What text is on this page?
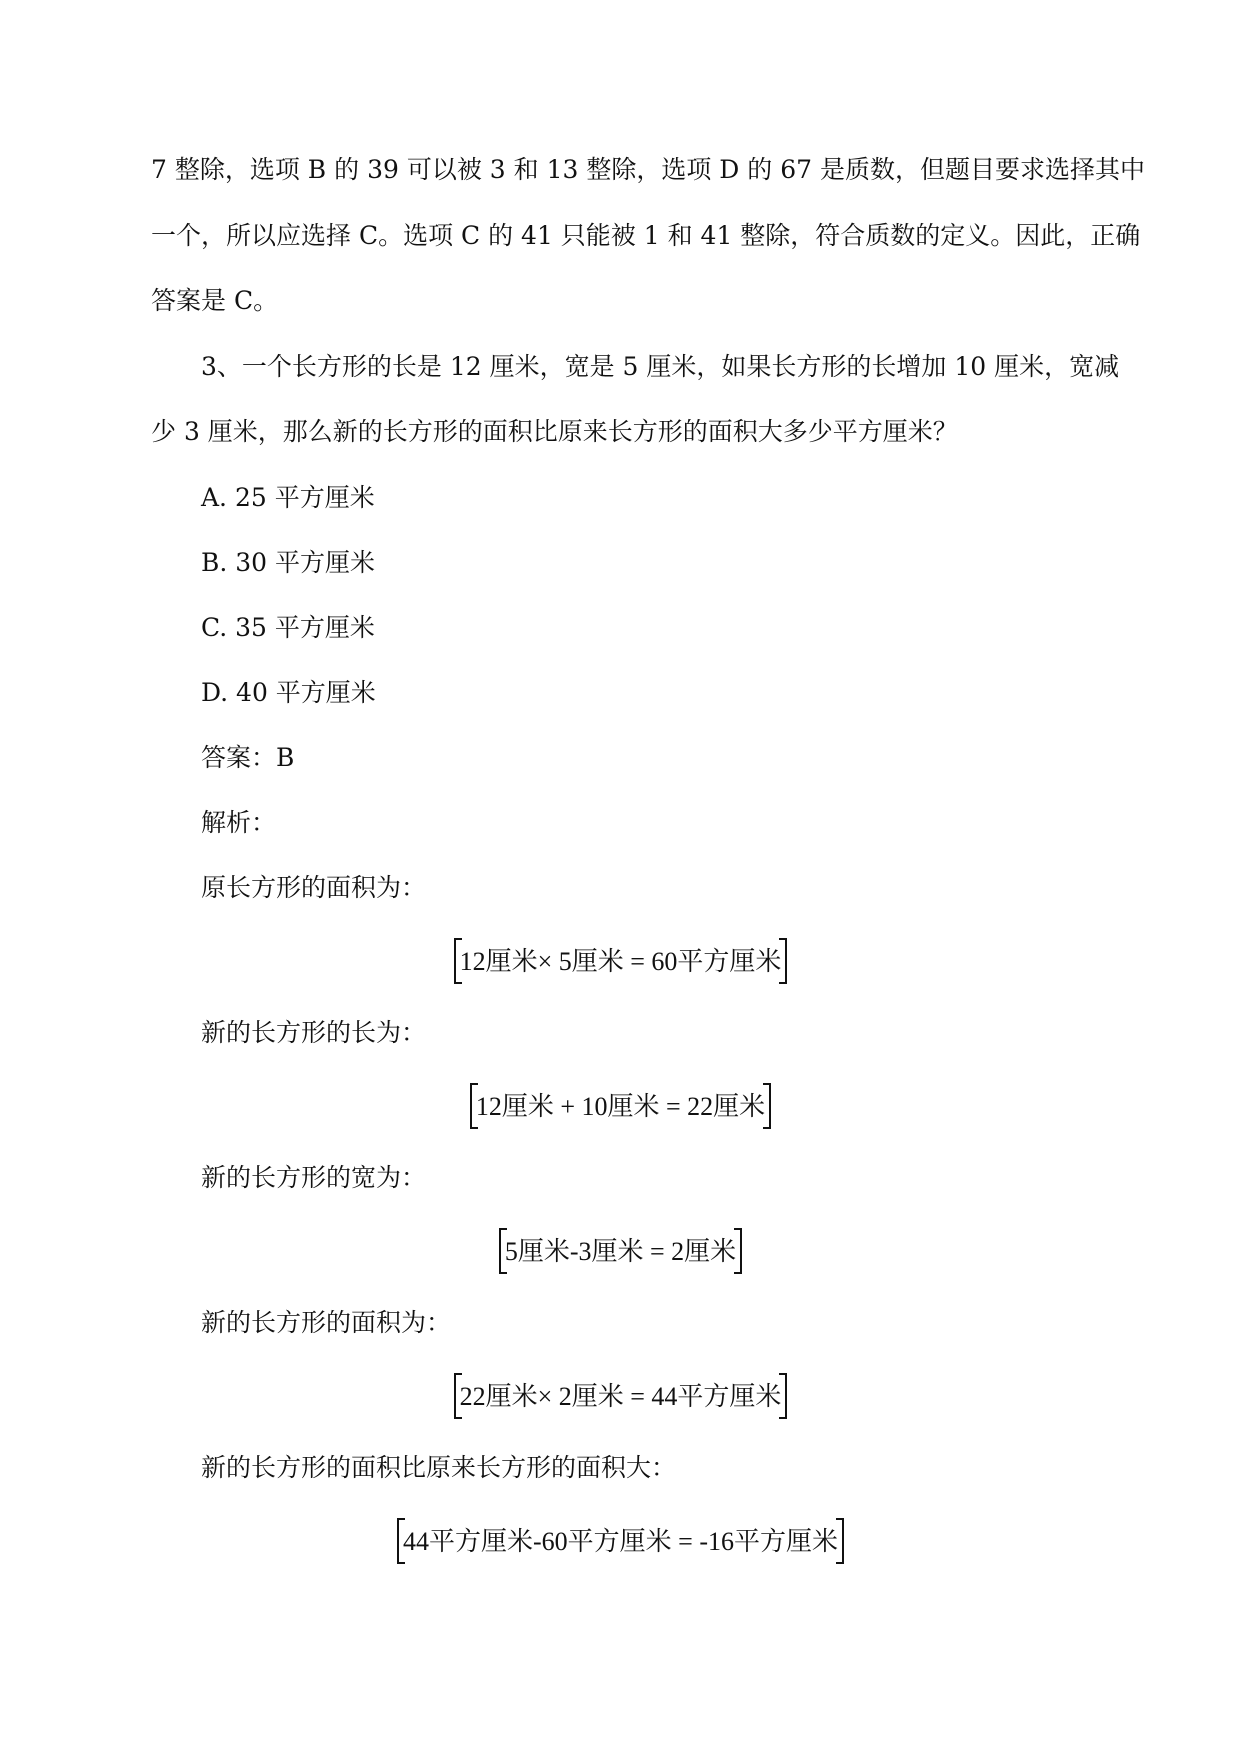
7 整除，选项 B 的 39 可以被 3 和 13 整除，选项 D 的 67 是质数，但题目要求选择其中
一个，所以应选择 C。选项 C 的 41 只能被 1 和 41 整除，符合质数的定义。因此，正确
答案是 C。
3、一个长方形的长是 12 厘米，宽是 5 厘米，如果长方形的长增加 10 厘米，宽减
少 3 厘米，那么新的长方形的面积比原来长方形的面积大多少平方厘米？
A. 25 平方厘米
B. 30 平方厘米
C. 35 平方厘米
D. 40 平方厘米
答案：B
解析：
原长方形的面积为：
12厘米× 5厘米 = 60平方厘米
新的长方形的长为：
12厘米 + 10厘米 = 22厘米
新的长方形的宽为：
5厘米-3厘米 = 2厘米
新的长方形的面积为：
22厘米× 2厘米 = 44平方厘米
新的长方形的面积比原来长方形的面积大：
44平方厘米-60平方厘米 = -16平方厘米
